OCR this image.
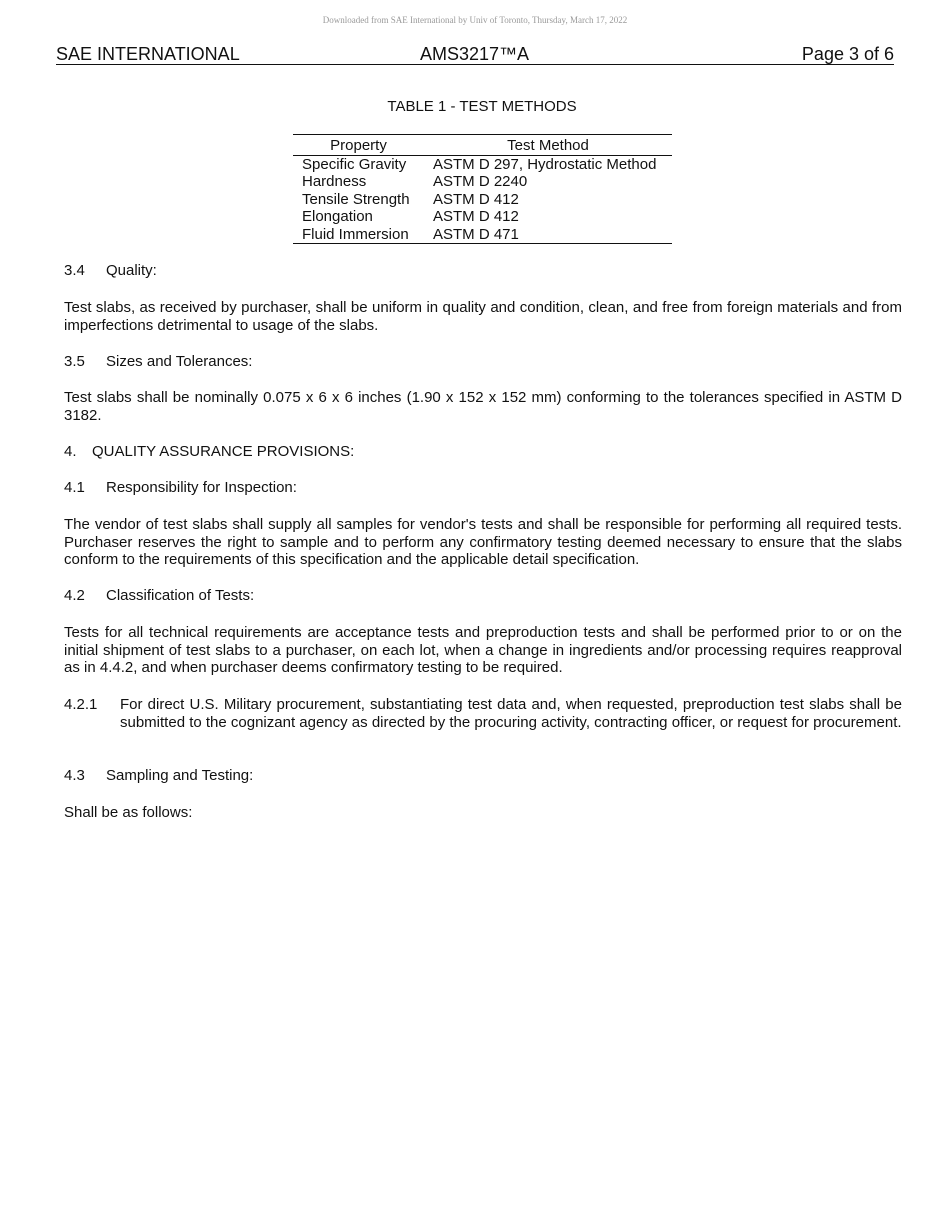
Downloaded from SAE International by Univ of Toronto, Thursday, March 17, 2022
SAE INTERNATIONAL	AMS3217™A	Page 3 of 6
TABLE 1 - TEST METHODS
Property	Test Method
Specific Gravity	ASTM D 297, Hydrostatic Method
Hardness	ASTM D 2240
Tensile Strength	ASTM D 412
Elongation	ASTM D 412
Fluid Immersion	ASTM D 471
3.4 Quality:
Test slabs, as received by purchaser, shall be uniform in quality and condition, clean, and free from foreign materials and from imperfections detrimental to usage of the slabs.
3.5 Sizes and Tolerances:
Test slabs shall be nominally 0.075 x 6 x 6 inches (1.90 x 152 x 152 mm) conforming to the tolerances specified in ASTM D 3182.
4. QUALITY ASSURANCE PROVISIONS:
4.1 Responsibility for Inspection:
The vendor of test slabs shall supply all samples for vendor's tests and shall be responsible for performing all required tests. Purchaser reserves the right to sample and to perform any confirmatory testing deemed necessary to ensure that the slabs conform to the requirements of this specification and the applicable detail specification.
4.2 Classification of Tests:
Tests for all technical requirements are acceptance tests and preproduction tests and shall be performed prior to or on the initial shipment of test slabs to a purchaser, on each lot, when a change in ingredients and/or processing requires reapproval as in 4.4.2, and when purchaser deems confirmatory testing to be required.
4.2.1 For direct U.S. Military procurement, substantiating test data and, when requested, preproduction test slabs shall be submitted to the cognizant agency as directed by the procuring activity, contracting officer, or request for procurement.
4.3 Sampling and Testing:
Shall be as follows:
